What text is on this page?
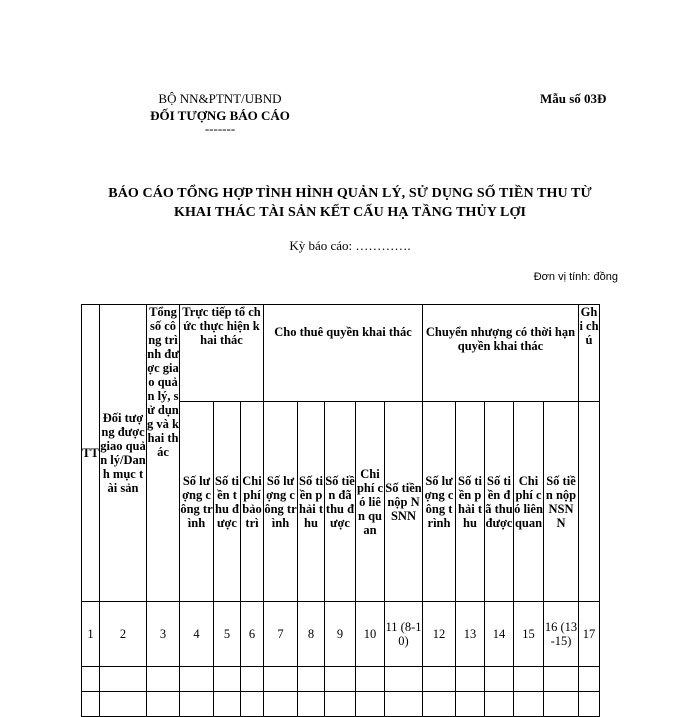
BỘ NN&PTNT/UBND
ĐỐI TƯỢNG BÁO CÁO
-------
Mẫu số 03Đ
BÁO CÁO TỔNG HỢP TÌNH HÌNH QUẢN LÝ, SỬ DỤNG SỐ TIỀN THU TỪ
KHAI THÁC TÀI SẢN KẾT CẤU HẠ TẦNG THỦY LỢI
Kỳ báo cáo: ………….
Đơn vị tính: đồng
TT	Đối tượng được giao quản lý/Danh mục tài sản	Tổng số công trình được giao quản lý, sử dụng và khai thác	Trực tiếp tổ chức thực hiện khai thác			Cho thuê quyền khai thác					Chuyển nhượng có thời hạn quyền khai thác					Ghi chú
			Số lượng công trình	Số tiền thu được	Chi phí bảo trì	Số lượng công trình	Số tiền phải thu	Số tiền đã thu được	Chi phí có liên quan	Số tiền nộp NSNN	Số lượng công trình	Số tiền phải thu	Số tiền đã thu được	Chi phí có liên quan	Số tiền nộp NSNN	
1	2	3	4	5	6	7	8	9	10	11 (8-10)	12	13	14	15	16 (13-15)	17
